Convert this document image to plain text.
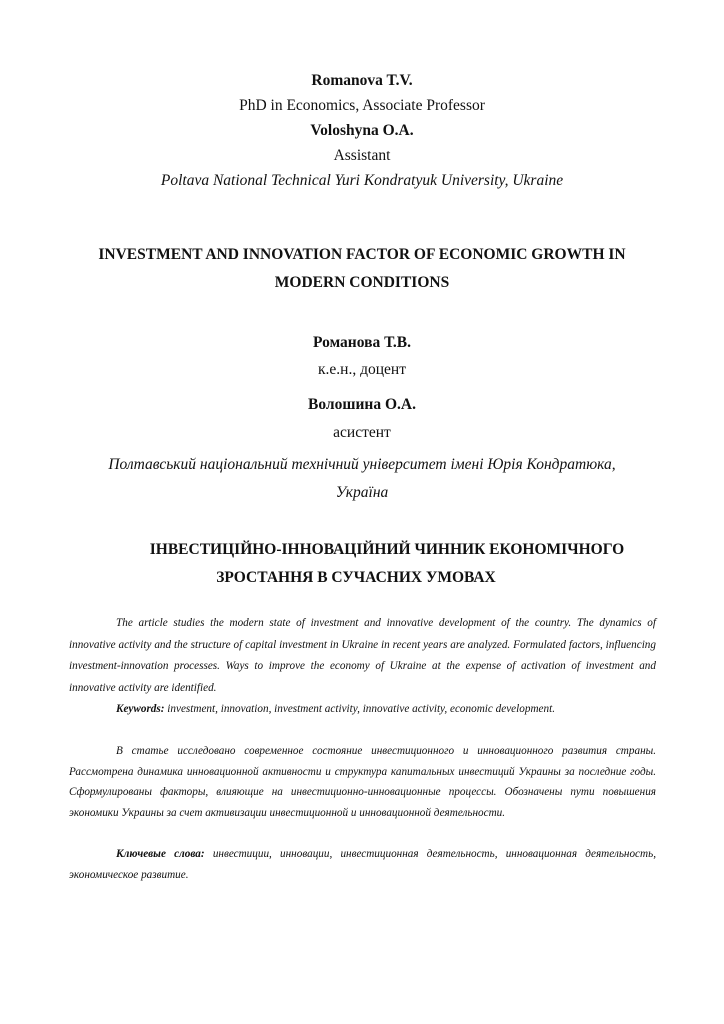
Romanova T.V.
PhD in Economics, Associate Professor
Voloshyna O.A.
Assistant
Poltava National Technical Yuri Kondratyuk University, Ukraine
INVESTMENT AND INNOVATION FACTOR OF ECONOMIC GROWTH IN
MODERN CONDITIONS
Романова Т.В.
к.е.н., доцент
Волошина О.А.
асистент
Полтавський національний технічний університет імені Юрія Кондратюка,
Україна
ІНВЕСТИЦІЙНО-ІННОВАЦІЙНИЙ ЧИННИК ЕКОНОМІЧНОГО
ЗРОСТАННЯ В СУЧАСНИХ УМОВАХ
The article studies the modern state of investment and innovative development of the country. The dynamics of innovative activity and the structure of capital investment in Ukraine in recent years are analyzed. Formulated factors, influencing investment-innovation processes. Ways to improve the economy of Ukraine at the expense of activation of investment and innovative activity are identified.
Keywords: investment, innovation, investment activity, innovative activity, economic development.
В статье исследовано современное состояние инвестиционного и инновационного развития страны. Рассмотрена динамика инновационной активности и структура капитальных инвестиций Украины за последние годы. Сформулированы факторы, влияющие на инвестиционно-инновационные процессы. Обозначены пути повышения экономики Украины за счет активизации инвестиционной и инновационной деятельности.
Ключевые слова: инвестиции, инновации, инвестиционная деятельность, инновационная деятельность, экономическое развитие.
